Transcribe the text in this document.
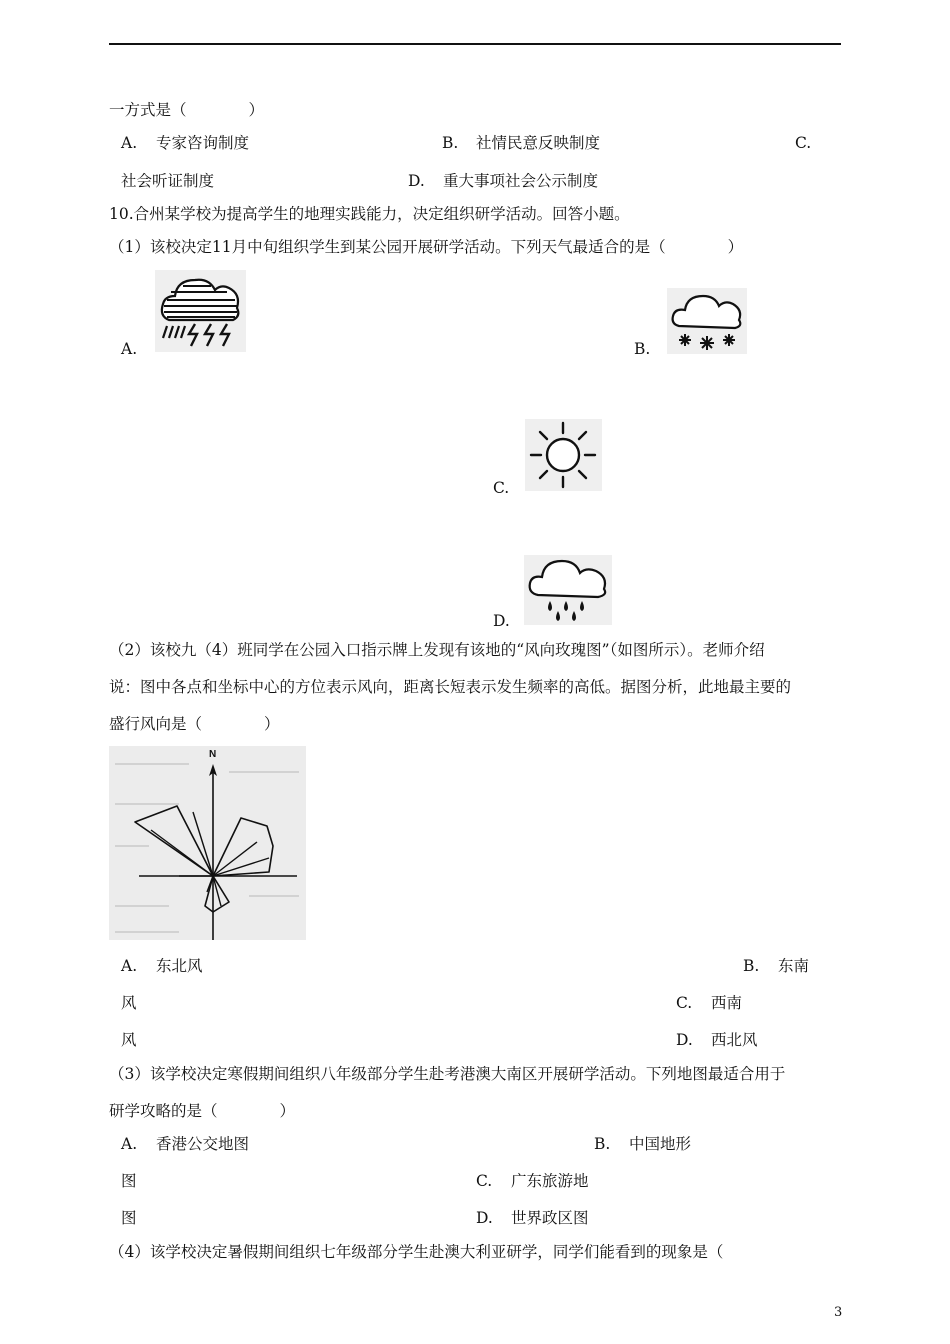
一方式是（　　　　）
A. 专家咨询制度	B. 社情民意反映制度	C.
社会听证制度	D. 重大事项社会公示制度
10.合州某学校为提高学生的地理实践能力，决定组织研学活动。回答小题。
（1）该校决定11月中旬组织学生到某公园开展研学活动。下列天气最适合的是（　　　　）
A.	B.
C.
D.
（2）该校九（4）班同学在公园入口指示牌上发现有该地的“风向玫瑰图”（如图所示）。老师介绍
说：图中各点和坐标中心的方位表示风向，距离长短表示发生频率的高低。据图分析，此地最主要的
盛行风向是（　　　　）
N
A. 东北风	B. 东南
风	C. 西南
风	D. 西北风
（3）该学校决定寒假期间组织八年级部分学生赴考港澳大南区开展研学活动。下列地图最适合用于
研学攻略的是（　　　　）
A. 香港公交地图	B. 中国地形
图	C. 广东旅游地
图	D. 世界政区图
（4）该学校决定暑假期间组织七年级部分学生赴澳大利亚研学，同学们能看到的现象是（
3
